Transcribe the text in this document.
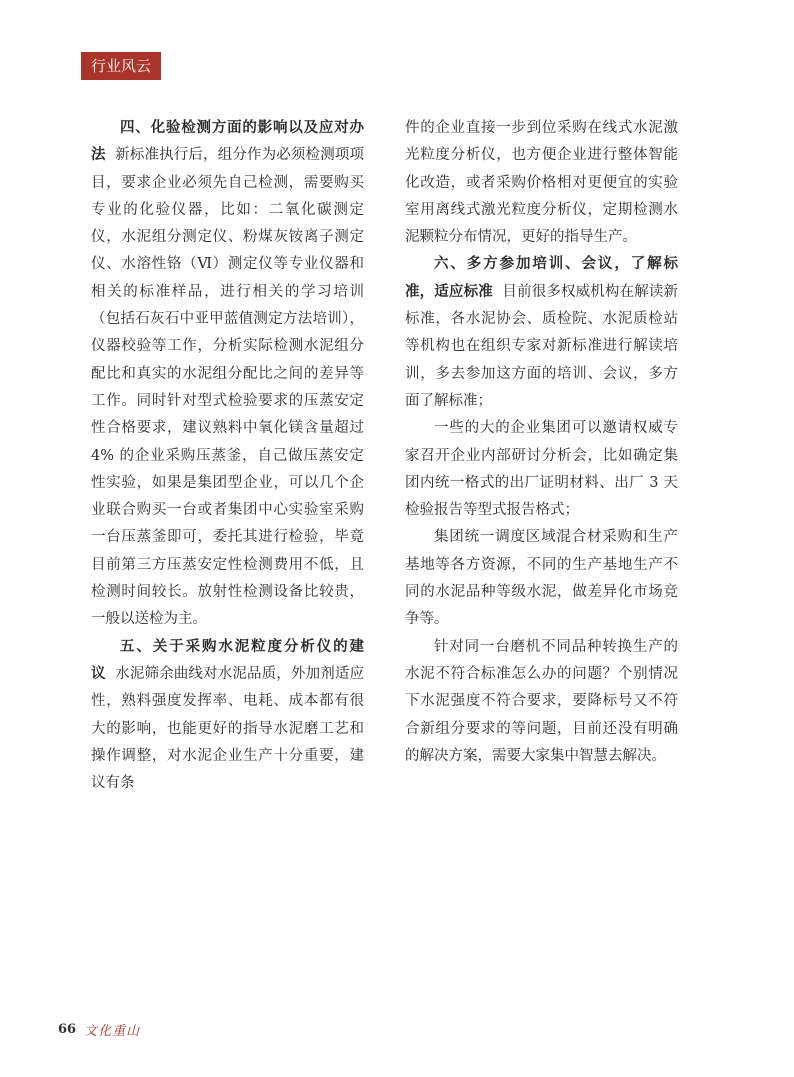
行业风云

四、化验检测方面的影响以及应对办法 新标准执行后，组分作为必须检测项项目，要求企业必须先自己检测，需要购买专业的化验仪器，比如：二氧化碳测定仪，水泥组分测定仪、粉煤灰铵离子测定仪、水溶性铬（Ⅵ）测定仪等专业仪器和相关的标准样品，进行相关的学习培训（包括石灰石中亚甲蓝值测定方法培训），仪器校验等工作，分析实际检测水泥组分配比和真实的水泥组分配比之间的差异等工作。同时针对型式检验要求的压蒸安定性合格要求，建议熟料中氧化镁含量超过 4% 的企业采购压蒸釜，自己做压蒸安定性实验，如果是集团型企业，可以几个企业联合购买一台或者集团中心实验室采购一台压蒸釜即可，委托其进行检验，毕竟目前第三方压蒸安定性检测费用不低，且检测时间较长。放射性检测设备比较贵，一般以送检为主。

五、关于采购水泥粒度分析仪的建议 水泥筛余曲线对水泥品质，外加剂适应性，熟料强度发挥率、电耗、成本都有很大的影响，也能更好的指导水泥磨工艺和操作调整，对水泥企业生产十分重要，建议有条

件的企业直接一步到位采购在线式水泥激光粒度分析仪，也方便企业进行整体智能化改造，或者采购价格相对更便宜的实验室用离线式激光粒度分析仪，定期检测水泥颗粒分布情况，更好的指导生产。

六、多方参加培训、会议，了解标准，适应标准 目前很多权威机构在解读新标准，各水泥协会、质检院、水泥质检站等机构也在组织专家对新标准进行解读培训，多去参加这方面的培训、会议，多方面了解标准；

一些的大的企业集团可以邀请权威专家召开企业内部研讨分析会，比如确定集团内统一格式的出厂证明材料、出厂 3 天检验报告等型式报告格式；

集团统一调度区域混合材采购和生产基地等各方资源，不同的生产基地生产不同的水泥品种等级水泥，做差异化市场竞争等。

针对同一台磨机不同品种转换生产的水泥不符合标准怎么办的问题？个别情况下水泥强度不符合要求，要降标号又不符合新组分要求的等问题，目前还没有明确的解决方案，需要大家集中智慧去解决。

66 文化重山
